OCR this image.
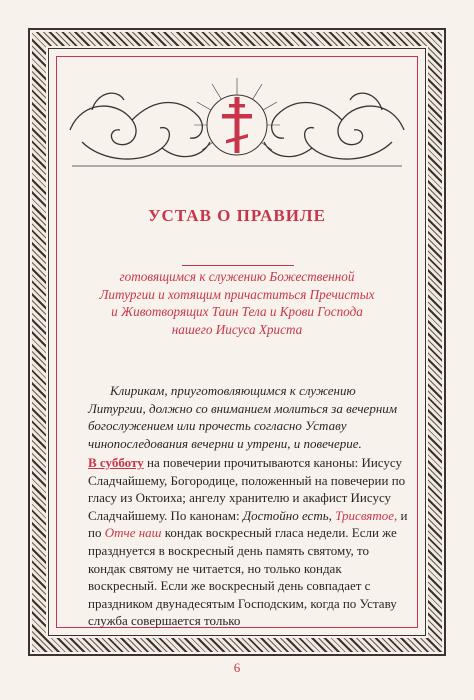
УСТАВ О ПРАВИЛЕ
готовящимся к служению Божественной
Литургии и хотящим причаститься Пречистых
и Животворящих Таин Тела и Крови Господа
нашего Иисуса Христа
Клирикам, приуготовляющимся к служению Литургии, должно со вниманием молиться за вечерним богослужением или прочесть согласно Уставу чинопоследования вечерни и утрени, и повечерие.
В субботу на повечерии прочитываются каноны: Иисусу Сладчайшему, Богородице, положенный на повечерии по гласу из Октоиха; ангелу хранителю и акафист Иисусу Сладчайшему. По канонам: Достойно есть, Трисвятое, и по Отче наш кондак воскресный гласа недели. Если же празднуется в воскресный день память святому, то кондак святому не читается, но только кондак воскресный. Если же воскресный день совпадает с праздником двунадесятым Господским, когда по Уставу служба совершается только
6
